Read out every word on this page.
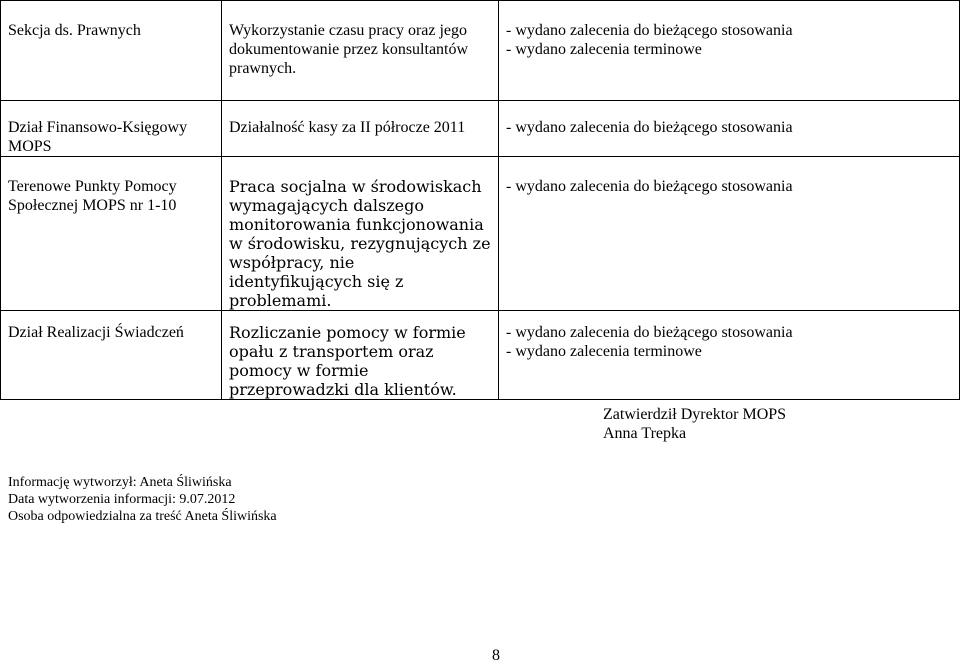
Sekcja ds. Prawnych	Wykorzystanie czasu pracy oraz jego dokumentowanie przez konsultantów prawnych.	- wydano zalecenia do bieżącego stosowania
- wydano zalecenia terminowe

Dział Finansowo-Księgowy MOPS	Działalność kasy za II półrocze 2011	- wydano zalecenia do bieżącego stosowania

Terenowe Punkty Pomocy Społecznej MOPS nr 1-10	Praca socjalna w środowiskach wymagających dalszego monitorowania funkcjonowania w środowisku, rezygnujących ze współpracy, nie identyfikujących się z problemami.	- wydano zalecenia do bieżącego stosowania

Dział Realizacji Świadczeń	Rozliczanie pomocy w formie opału z transportem oraz pomocy w formie przeprowadzki dla klientów.	- wydano zalecenia do bieżącego stosowania
- wydano zalecenia terminowe
Zatwierdził Dyrektor MOPS
Anna Trepka
Informację wytworzył: Aneta Śliwińska
Data wytworzenia informacji: 9.07.2012
Osoba odpowiedzialna za treść Aneta Śliwińska
8
